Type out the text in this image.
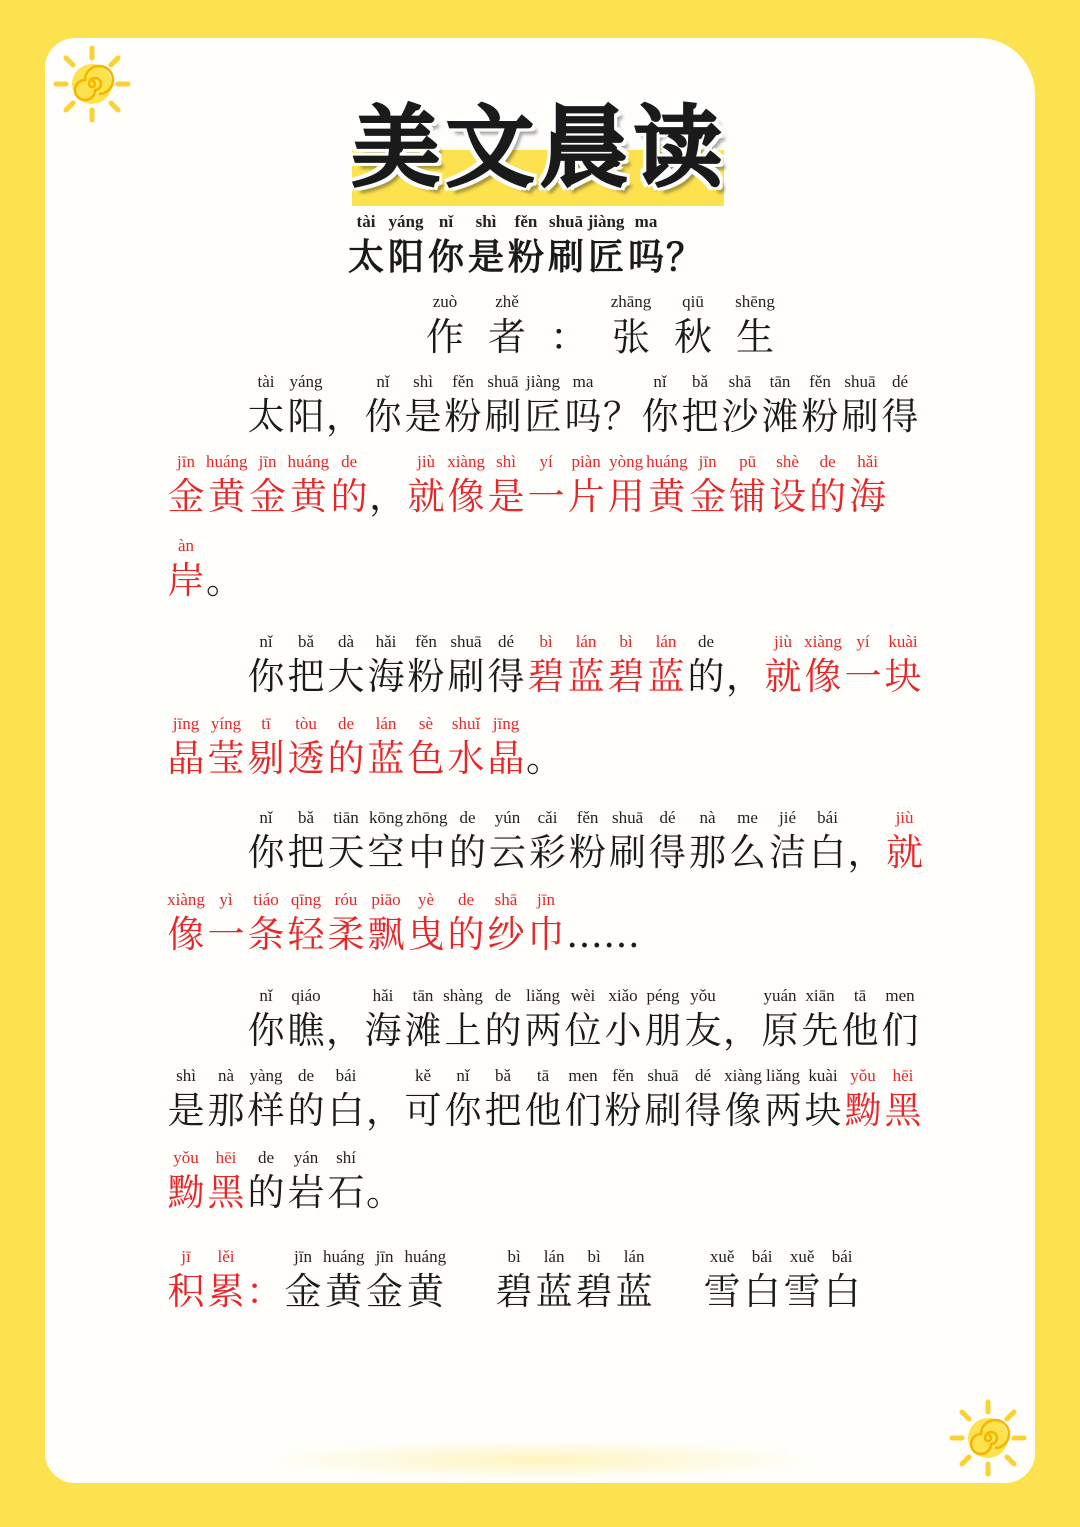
美文晨读
tài
太
yáng
阳
nǐ
你
shì
是
fěn
粉
shuā
刷
jiàng
匠
ma
吗 ？
zuò
作
zhě
者 ：
zhāng
张
qiū
秋
shēng
生
tài
太
yáng
阳 ，
nǐ
你
shì
是
fěn
粉
shuā
刷
jiàng
匠
ma
吗 ？
nǐ
你
bǎ
把
shā
沙
tān
滩
fěn
粉
shuā
刷
dé
得
jīn
金
huáng
黄
jīn
金
huáng
黄
de
的 ，
jiù
就
xiàng
像
shì
是
yí
一
piàn
片
yòng
用
huáng
黄
jīn
金
pū
铺
shè
设
de
的
hǎi
海
àn
岸 。
nǐ
你
bǎ
把
dà
大
hǎi
海
fěn
粉
shuā
刷
dé
得
bì
碧
lán
蓝
bì
碧
lán
蓝
de
的 ，
jiù
就
xiàng
像
yí
一
kuài
块
jīng
晶
yíng
莹
tī
剔
tòu
透
de
的
lán
蓝
sè
色
shuǐ
水
jīng
晶 。
nǐ
你
bǎ
把
tiān
天
kōng
空
zhōng
中
de
的
yún
云
cǎi
彩
fěn
粉
shuā
刷
dé
得
nà
那
me
么
jié
洁
bái
白 ，
jiù
就
xiàng
像
yì
一
tiáo
条
qīng
轻
róu
柔
piāo
飘
yè
曳
de
的
shā
纱
jīn
巾 ……
nǐ
你
qiáo
瞧 ，
hǎi
海
tān
滩
shàng
上
de
的
liǎng
两
wèi
位
xiǎo
小
péng
朋
yǒu
友 ，
yuán
原
xiān
先
tā
他
men
们
shì
是
nà
那
yàng
样
de
的
bái
白 ，
kě
可
nǐ
你
bǎ
把
tā
他
men
们
fěn
粉
shuā
刷
dé
得
xiàng
像
liǎng
两
kuài
块
yǒu
黝
hēi
黑
yǒu
黝
hēi
黑
de
的
yán
岩
shí
石 。
jī
积
lěi
累 ：
jīn
金
huáng
黄
jīn
金
huáng
黄
bì
碧
lán
蓝
bì
碧
lán
蓝
xuě
雪
bái
白
xuě
雪
bái
白
